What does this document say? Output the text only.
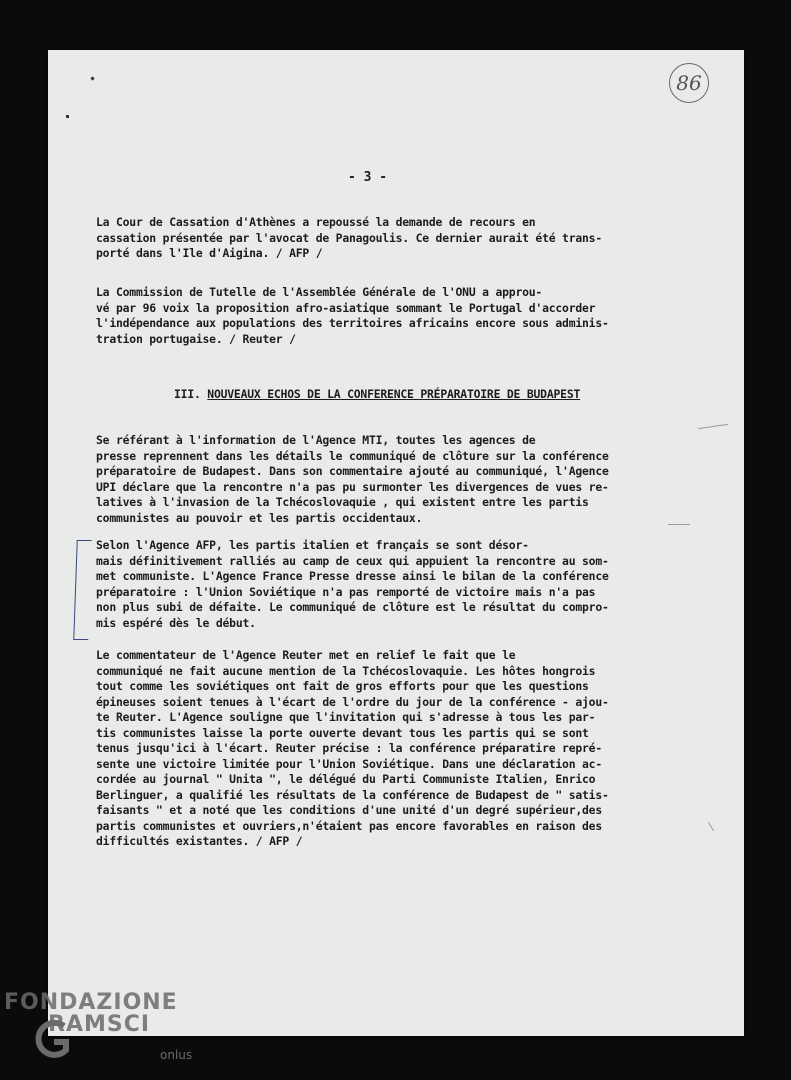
86
- 3 -
La Cour de Cassation d'Athènes a repoussé la demande de recours en
cassation présentée par l'avocat de Panagoulis. Ce dernier aurait été trans-
porté dans l'Ile d'Aigina. / AFP /
La Commission de Tutelle de l'Assemblée Générale de l'ONU a approu-
vé par 96 voix la proposition afro-asiatique sommant le Portugal d'accorder
l'indépendance aux populations des territoires africains encore sous adminis-
tration portugaise. / Reuter /
III. NOUVEAUX ECHOS DE LA CONFERENCE PRÉPARATOIRE DE BUDAPEST
Se référant à l'information de l'Agence MTI, toutes les agences de
presse reprennent dans les détails le communiqué de clôture sur la conférence
préparatoire de Budapest. Dans son commentaire ajouté au communiqué, l'Agence
UPI déclare que la rencontre n'a pas pu surmonter les divergences de vues re-
latives à l'invasion de la Tchécoslovaquie , qui existent entre les partis
communistes au pouvoir et les partis occidentaux.
Selon l'Agence AFP, les partis italien et français se sont désor-
mais définitivement ralliés au camp de ceux qui appuient la rencontre au som-
met communiste. L'Agence France Presse dresse ainsi le bilan de la conférence
préparatoire : l'Union Soviétique n'a pas remporté de victoire mais n'a pas
non plus subi de défaite. Le communiqué de clôture est le résultat du compro-
mis espéré dès le début.
Le commentateur de l'Agence Reuter met en relief le fait que le
communiqué ne fait aucune mention de la Tchécoslovaquie. Les hôtes hongrois
tout comme les soviétiques ont fait de gros efforts pour que les questions
épineuses soient tenues à l'écart de l'ordre du jour de la conférence - ajou-
te Reuter. L'Agence souligne que l'invitation qui s'adresse à tous les par-
tis communistes laisse la porte ouverte devant tous les partis qui se sont
tenus jusqu'ici à l'écart. Reuter précise : la conférence préparatire repré-
sente une victoire limitée pour l'Union Soviétique. Dans une déclaration ac-
cordée au journal " Unita ", le délégué du Parti Communiste Italien, Enrico
Berlinguer, a qualifié les résultats de la conférence de Budapest de " satis-
faisants " et a noté que les conditions d'une unité d'un degré supérieur,des
partis communistes et ouvriers,n'étaient pas encore favorables en raison des
difficultés existantes. / AFP /
FONDAZIONE
RAMSCI
onlus
